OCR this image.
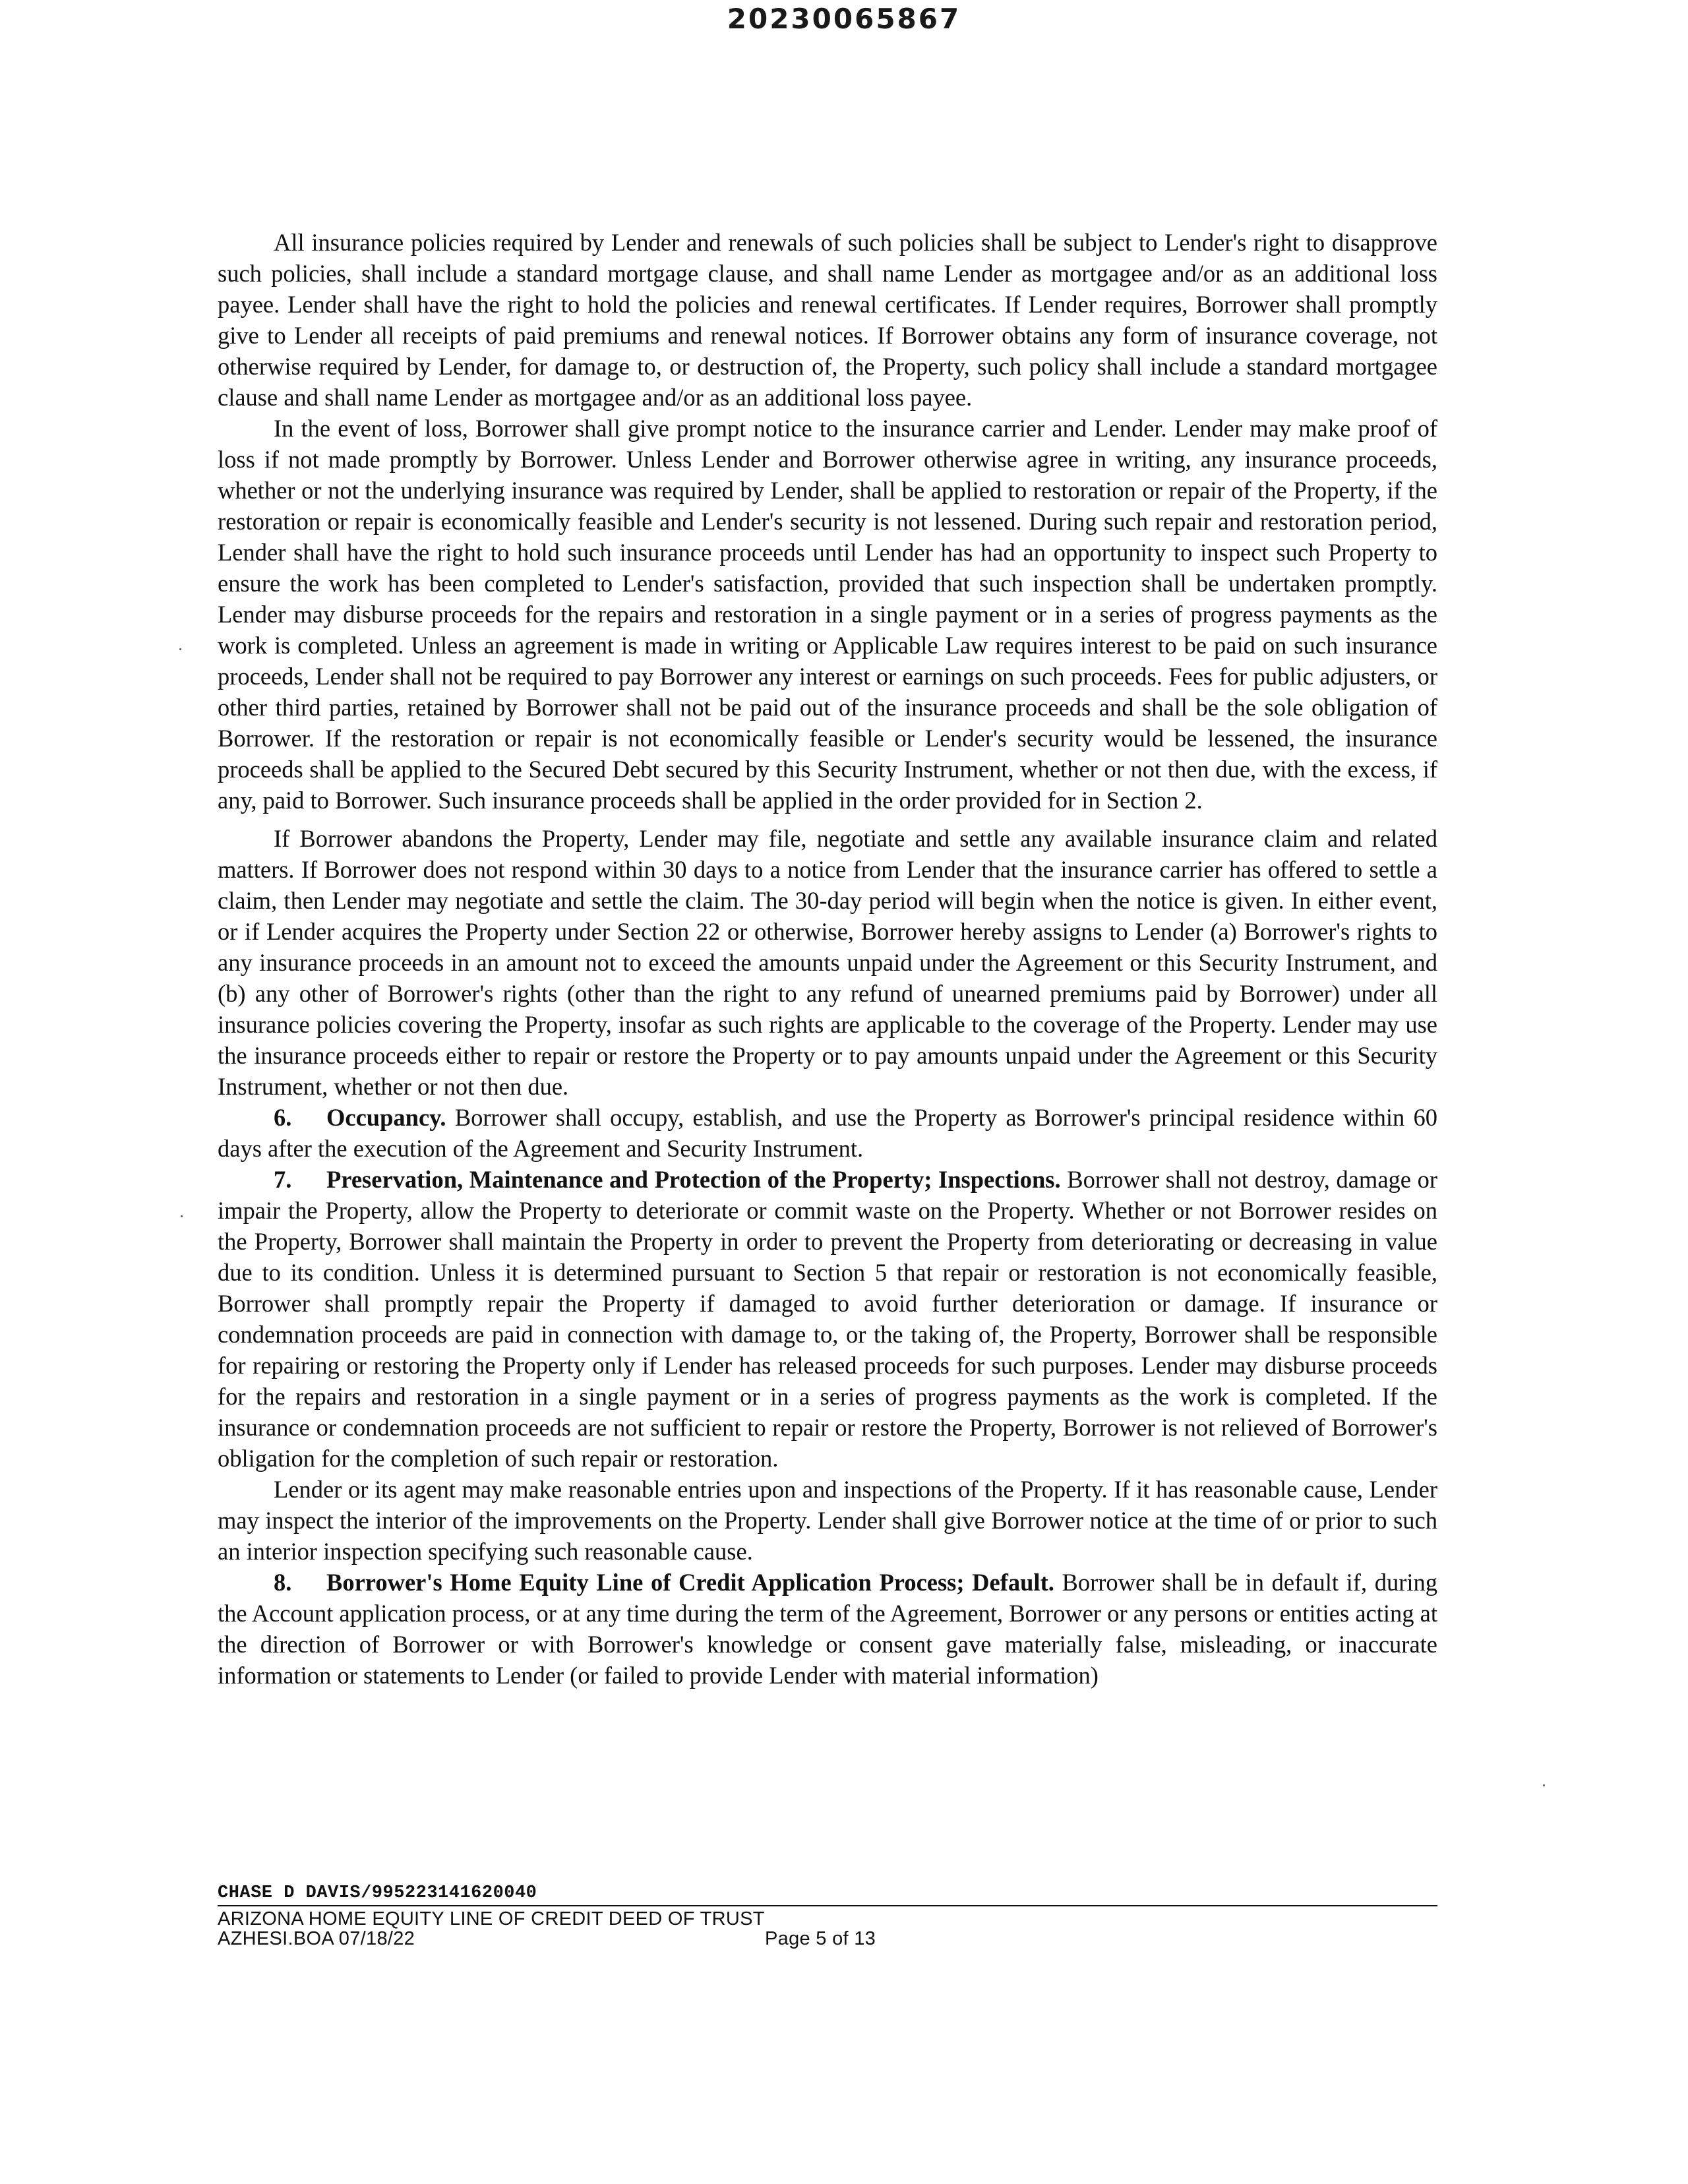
20230065867

All insurance policies required by Lender and renewals of such policies shall be subject to Lender's right to disapprove such policies, shall include a standard mortgage clause, and shall name Lender as mortgagee and/or as an additional loss payee. Lender shall have the right to hold the policies and renewal certificates. If Lender requires, Borrower shall promptly give to Lender all receipts of paid premiums and renewal notices. If Borrower obtains any form of insurance coverage, not otherwise required by Lender, for damage to, or destruction of, the Property, such policy shall include a standard mortgagee clause and shall name Lender as mortgagee and/or as an additional loss payee.

In the event of loss, Borrower shall give prompt notice to the insurance carrier and Lender. Lender may make proof of loss if not made promptly by Borrower. Unless Lender and Borrower otherwise agree in writing, any insurance proceeds, whether or not the underlying insurance was required by Lender, shall be applied to restoration or repair of the Property, if the restoration or repair is economically feasible and Lender's security is not lessened. During such repair and restoration period, Lender shall have the right to hold such insurance proceeds until Lender has had an opportunity to inspect such Property to ensure the work has been completed to Lender's satisfaction, provided that such inspection shall be undertaken promptly. Lender may disburse proceeds for the repairs and restoration in a single payment or in a series of progress payments as the work is completed. Unless an agreement is made in writing or Applicable Law requires interest to be paid on such insurance proceeds, Lender shall not be required to pay Borrower any interest or earnings on such proceeds. Fees for public adjusters, or other third parties, retained by Borrower shall not be paid out of the insurance proceeds and shall be the sole obligation of Borrower. If the restoration or repair is not economically feasible or Lender's security would be lessened, the insurance proceeds shall be applied to the Secured Debt secured by this Security Instrument, whether or not then due, with the excess, if any, paid to Borrower. Such insurance proceeds shall be applied in the order provided for in Section 2.

If Borrower abandons the Property, Lender may file, negotiate and settle any available insurance claim and related matters. If Borrower does not respond within 30 days to a notice from Lender that the insurance carrier has offered to settle a claim, then Lender may negotiate and settle the claim. The 30-day period will begin when the notice is given. In either event, or if Lender acquires the Property under Section 22 or otherwise, Borrower hereby assigns to Lender (a) Borrower's rights to any insurance proceeds in an amount not to exceed the amounts unpaid under the Agreement or this Security Instrument, and (b) any other of Borrower's rights (other than the right to any refund of unearned premiums paid by Borrower) under all insurance policies covering the Property, insofar as such rights are applicable to the coverage of the Property. Lender may use the insurance proceeds either to repair or restore the Property or to pay amounts unpaid under the Agreement or this Security Instrument, whether or not then due.

6. Occupancy. Borrower shall occupy, establish, and use the Property as Borrower's principal residence within 60 days after the execution of the Agreement and Security Instrument.

7. Preservation, Maintenance and Protection of the Property; Inspections. Borrower shall not destroy, damage or impair the Property, allow the Property to deteriorate or commit waste on the Property. Whether or not Borrower resides on the Property, Borrower shall maintain the Property in order to prevent the Property from deteriorating or decreasing in value due to its condition. Unless it is determined pursuant to Section 5 that repair or restoration is not economically feasible, Borrower shall promptly repair the Property if damaged to avoid further deterioration or damage. If insurance or condemnation proceeds are paid in connection with damage to, or the taking of, the Property, Borrower shall be responsible for repairing or restoring the Property only if Lender has released proceeds for such purposes. Lender may disburse proceeds for the repairs and restoration in a single payment or in a series of progress payments as the work is completed. If the insurance or condemnation proceeds are not sufficient to repair or restore the Property, Borrower is not relieved of Borrower's obligation for the completion of such repair or restoration.

Lender or its agent may make reasonable entries upon and inspections of the Property. If it has reasonable cause, Lender may inspect the interior of the improvements on the Property. Lender shall give Borrower notice at the time of or prior to such an interior inspection specifying such reasonable cause.

8. Borrower's Home Equity Line of Credit Application Process; Default. Borrower shall be in default if, during the Account application process, or at any time during the term of the Agreement, Borrower or any persons or entities acting at the direction of Borrower or with Borrower's knowledge or consent gave materially false, misleading, or inaccurate information or statements to Lender (or failed to provide Lender with material information)

CHASE D DAVIS/995223141620040
ARIZONA HOME EQUITY LINE OF CREDIT DEED OF TRUST
AZHESI.BOA 07/18/22	Page 5 of 13
